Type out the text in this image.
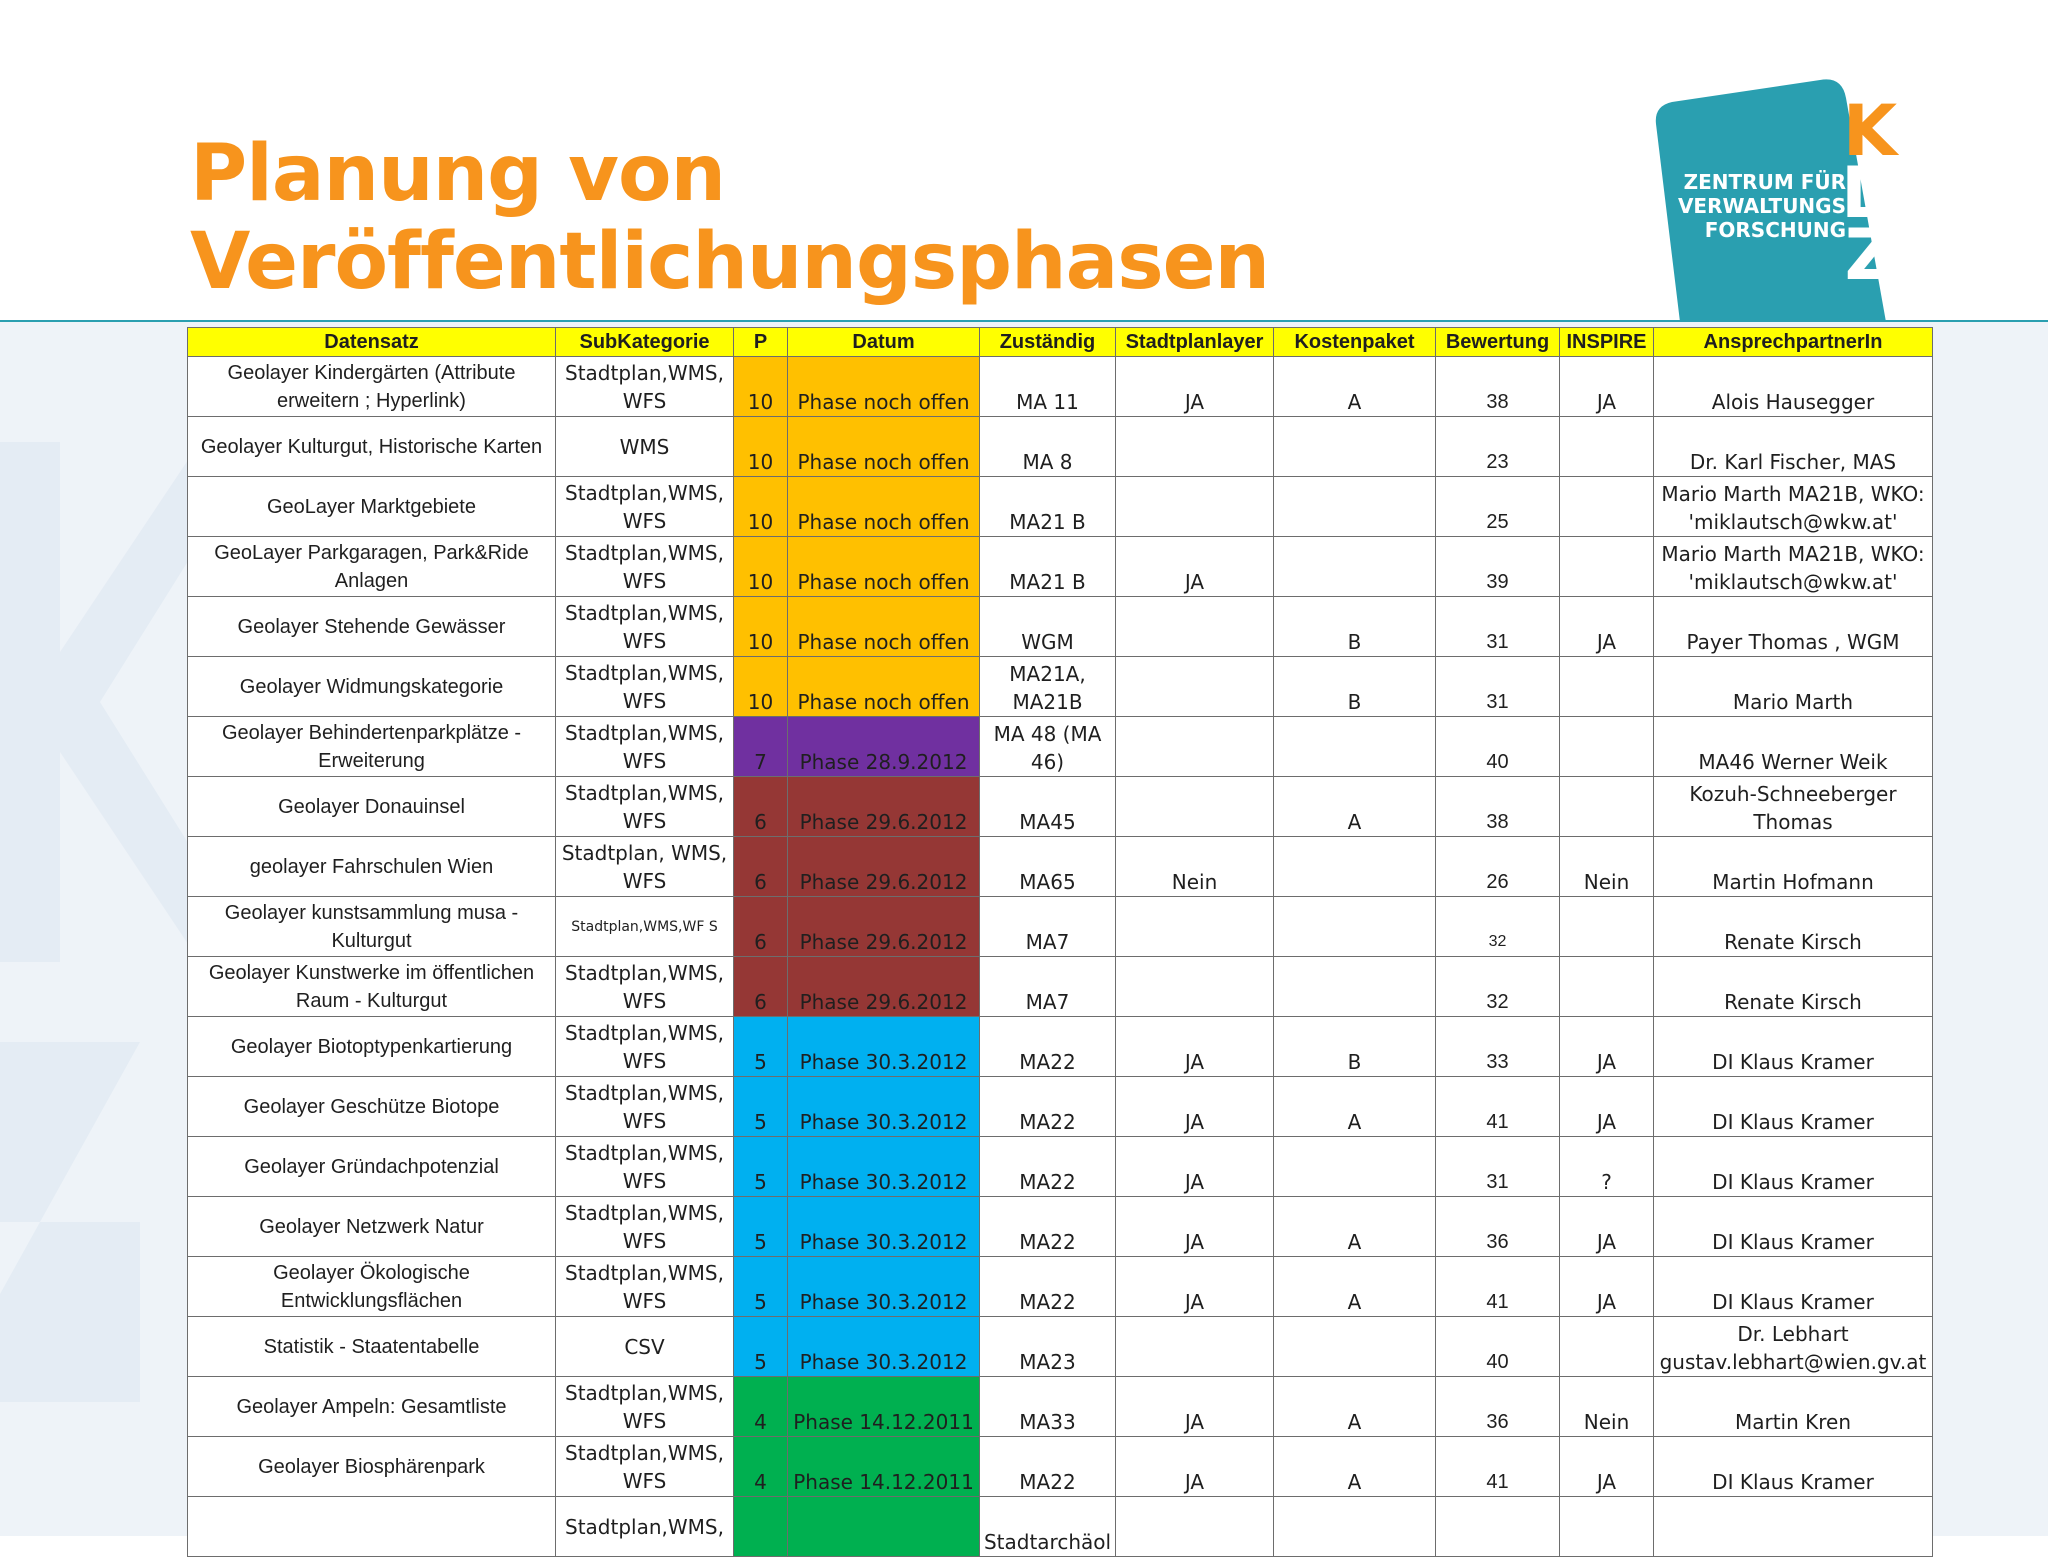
Planung von
Veröffentlichungsphasen
ZENTRUM FÜR
VERWALTUNGS
FORSCHUNG
K
D
Z
Datensatz	SubKategorie	P	Datum	Zuständig	Stadtplanlayer	Kostenpaket	Bewertung	INSPIRE	AnsprechpartnerIn
Geolayer Kindergärten (Attribute erweitern ; Hyperlink)	Stadtplan,WMS, WFS	10	Phase noch offen	MA 11	JA	A	38	JA	Alois Hausegger
Geolayer Kulturgut, Historische Karten	WMS	10	Phase noch offen	MA 8			23		Dr. Karl Fischer, MAS
GeoLayer Marktgebiete	Stadtplan,WMS, WFS	10	Phase noch offen	MA21 B			25		Mario Marth MA21B, WKO: 'miklautsch@wkw.at'
GeoLayer Parkgaragen, Park&Ride Anlagen	Stadtplan,WMS, WFS	10	Phase noch offen	MA21 B	JA		39		Mario Marth MA21B, WKO: 'miklautsch@wkw.at'
Geolayer Stehende Gewässer	Stadtplan,WMS, WFS	10	Phase noch offen	WGM		B	31	JA	Payer Thomas , WGM
Geolayer Widmungskategorie	Stadtplan,WMS, WFS	10	Phase noch offen	MA21A, MA21B		B	31		Mario Marth
Geolayer Behindertenparkplätze - Erweiterung	Stadtplan,WMS, WFS	7	Phase 28.9.2012	MA 48 (MA 46)			40		MA46 Werner Weik
Geolayer Donauinsel	Stadtplan,WMS, WFS	6	Phase 29.6.2012	MA45		A	38		Kozuh-Schneeberger Thomas
geolayer Fahrschulen Wien	Stadtplan, WMS, WFS	6	Phase 29.6.2012	MA65	Nein		26	Nein	Martin Hofmann
Geolayer kunstsammlung musa - Kulturgut	Stadtplan,WMS,WF S	6	Phase 29.6.2012	MA7			32		Renate Kirsch
Geolayer Kunstwerke im öffentlichen Raum - Kulturgut	Stadtplan,WMS, WFS	6	Phase 29.6.2012	MA7			32		Renate Kirsch
Geolayer Biotoptypenkartierung	Stadtplan,WMS, WFS	5	Phase 30.3.2012	MA22	JA	B	33	JA	DI Klaus Kramer
Geolayer Geschütze Biotope	Stadtplan,WMS, WFS	5	Phase 30.3.2012	MA22	JA	A	41	JA	DI Klaus Kramer
Geolayer Gründachpotenzial	Stadtplan,WMS, WFS	5	Phase 30.3.2012	MA22	JA		31	?	DI Klaus Kramer
Geolayer Netzwerk Natur	Stadtplan,WMS, WFS	5	Phase 30.3.2012	MA22	JA	A	36	JA	DI Klaus Kramer
Geolayer Ökologische Entwicklungsflächen	Stadtplan,WMS, WFS	5	Phase 30.3.2012	MA22	JA	A	41	JA	DI Klaus Kramer
Statistik - Staatentabelle	CSV	5	Phase 30.3.2012	MA23			40		Dr. Lebhart gustav.lebhart@wien.gv.at
Geolayer Ampeln: Gesamtliste	Stadtplan,WMS, WFS	4	Phase 14.12.2011	MA33	JA	A	36	Nein	Martin Kren
Geolayer Biosphärenpark	Stadtplan,WMS, WFS	4	Phase 14.12.2011	MA22	JA	A	41	JA	DI Klaus Kramer
	Stadtplan,WMS,			Stadtarchäol					
